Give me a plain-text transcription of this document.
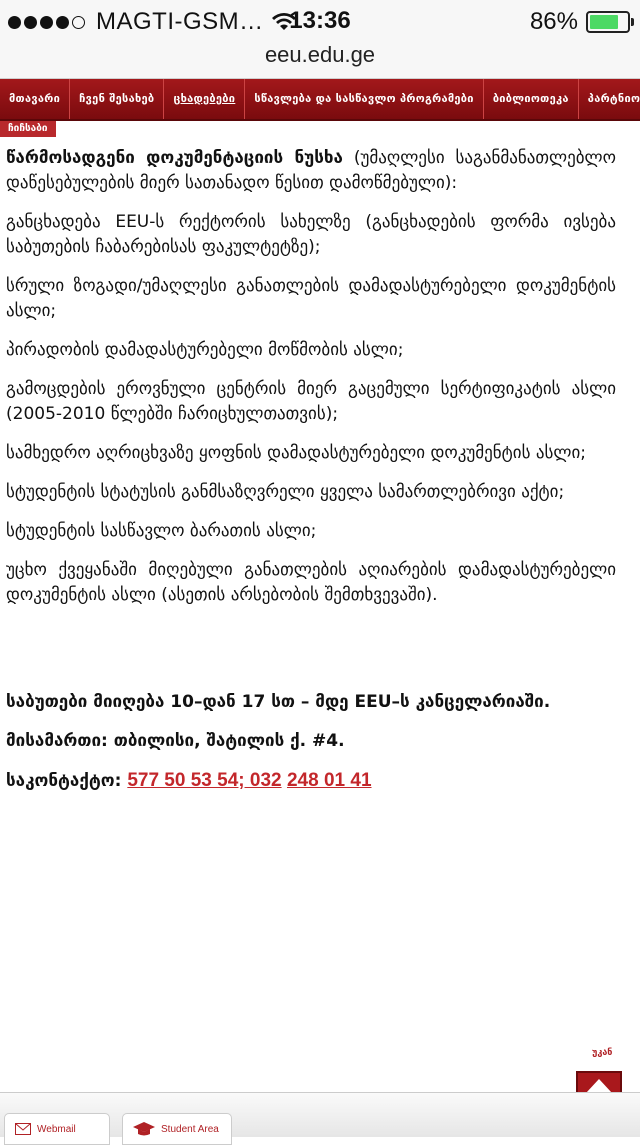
MAGTI-GSM…	13:36	86%
eeu.edu.ge
მთავარი	ჩვენ შესახებ	ცხადებები	სწავლება და სასწავლო პროგრამები	ბიბლიოთეკა	პარტნიო
ჩიჩსაბი

წარმოსადგენი დოკუმენტაციის ნუსხა (უმაღლესი საგანმანათლებლო დაწესებულების მიერ სათანადო წესით დამოწმებული):

განცხადება EEU-ს რექტორის სახელზე (განცხადების ფორმა ივსება საბუთების ჩაბარებისას ფაკულტეტზე);

სრული ზოგადი/უმაღლესი განათლების დამადასტურებელი დოკუმენტის ასლი;

პირადობის დამადასტურებელი მოწმობის ასლი;

გამოცდების ეროვნული ცენტრის მიერ გაცემული სერტიფიკატის ასლი (2005-2010 წლებში ჩარიცხულთათვის);

სამხედრო აღრიცხვაზე ყოფნის დამადასტურებელი დოკუმენტის ასლი;

სტუდენტის სტატუსის განმსაზღვრელი ყველა სამართლებრივი აქტი;

სტუდენტის სასწავლო ბარათის ასლი;

უცხო ქვეყანაში მიღებული განათლების აღიარების დამადასტურებელი დოკუმენტის ასლი (ასეთის არსებობის შემთხვევაში).

საბუთები მიიღება 10–დან 17 სთ – მდე EEU–ს კანცელარიაში.

მისამართი: თბილისი, შატილის ქ. #4.

საკონტაქტო: 577 50 53 54; 032 248 01 41

უკან
Webmail	Student Area
